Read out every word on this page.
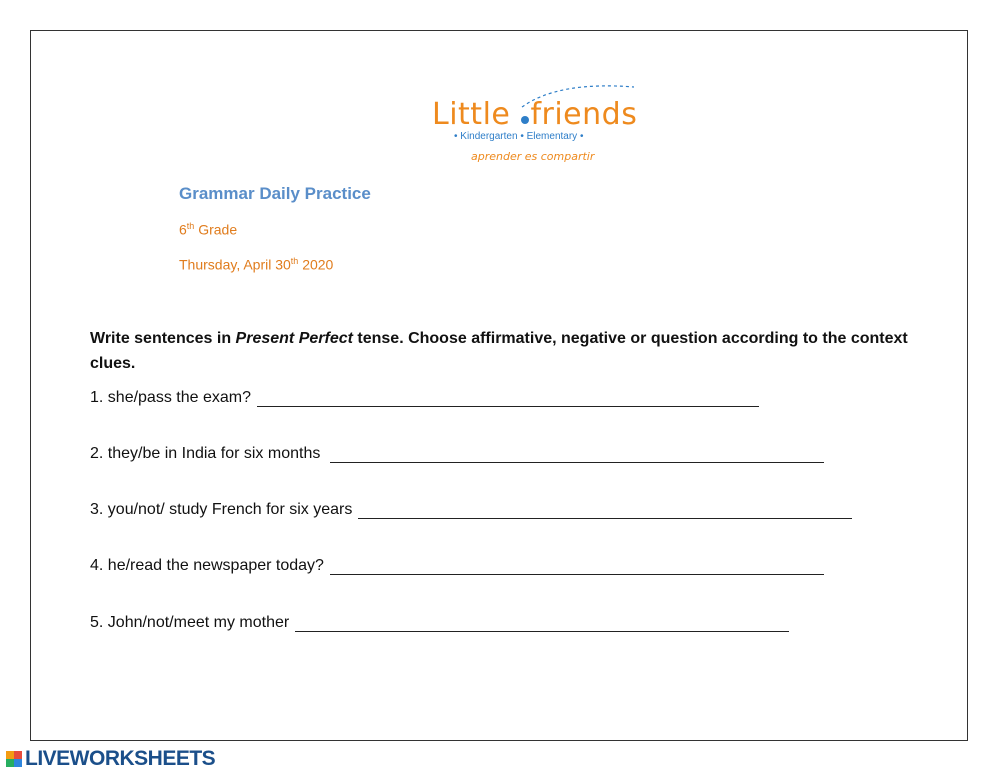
Little friends
• Kindergarten • Elementary •
aprender es compartir
Grammar Daily Practice

6th Grade

Thursday, April 30th 2020

Write sentences in Present Perfect tense. Choose affirmative, negative or question according to the context clues.

1. she/pass the exam?
2. they/be in India for six months
3. you/not/ study French for six years
4. he/read the newspaper today?
5. John/not/meet my mother
LIVEWORKSHEETS
